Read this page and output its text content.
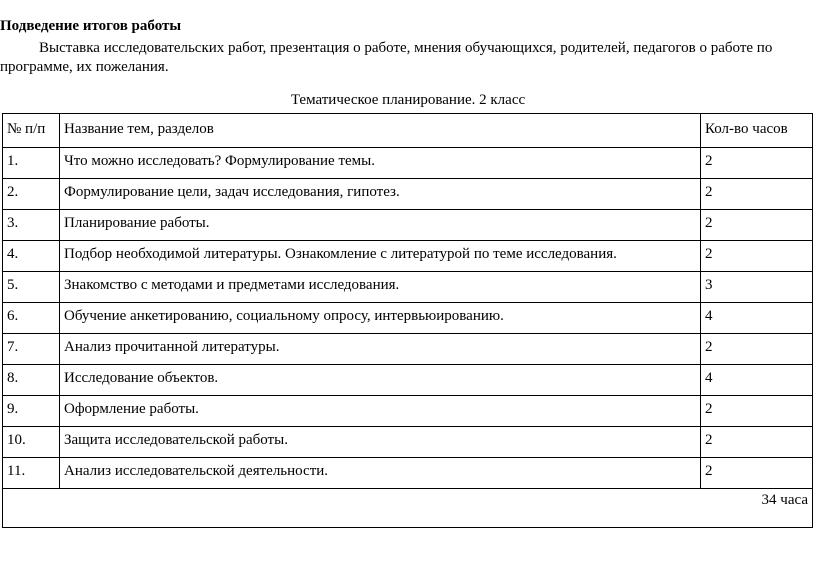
Подведение итогов работы

Выставка исследовательских работ, презентация о работе, мнения обучающихся, родителей, педагогов о работе по программе, их пожелания.

Тематическое планирование. 2 класс
№ п/п	Название тем, разделов	Кол-во часов
1.	Что можно исследовать? Формулирование темы.	2
2.	Формулирование цели, задач исследования, гипотез.	2
3.	Планирование работы.	2
4.	Подбор необходимой литературы. Ознакомление с литературой по теме исследования.	2
5.	Знакомство с методами и предметами исследования.	3
6.	Обучение анкетированию, социальному опросу, интервьюированию.	4
7.	Анализ прочитанной литературы.	2
8.	Исследование объектов.	4
9.	Оформление работы.	2
10.	Защита исследовательской работы.	2
11.	Анализ исследовательской деятельности.	2
34 часа		
